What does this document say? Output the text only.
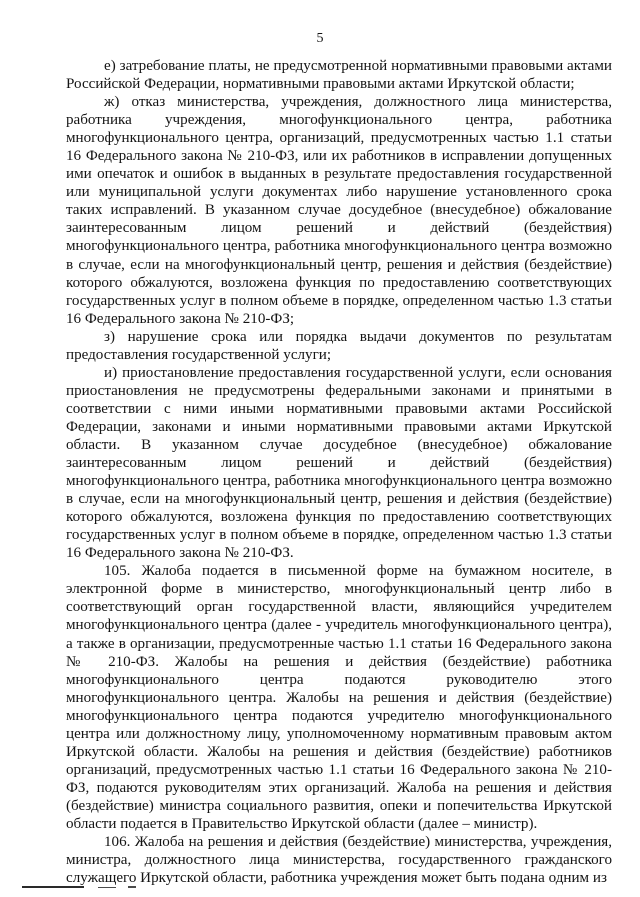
5

е) затребование платы, не предусмотренной нормативными правовыми актами Российской Федерации, нормативными правовыми актами Иркутской области;

ж) отказ министерства, учреждения, должностного лица министерства, работника учреждения, многофункционального центра, работника многофункционального центра, организаций, предусмотренных частью 1.1 статьи 16 Федерального закона № 210-ФЗ, или их работников в исправлении допущенных ими опечаток и ошибок в выданных в результате предоставления государственной или муниципальной услуги документах либо нарушение установленного срока таких исправлений. В указанном случае досудебное (внесудебное) обжалование заинтересованным лицом решений и действий (бездействия) многофункционального центра, работника многофункционального центра возможно в случае, если на многофункциональный центр, решения и действия (бездействие) которого обжалуются, возложена функция по предоставлению соответствующих государственных услуг в полном объеме в порядке, определенном частью 1.3 статьи 16 Федерального закона № 210-ФЗ;

з) нарушение срока или порядка выдачи документов по результатам предоставления государственной услуги;

и) приостановление предоставления государственной услуги, если основания приостановления не предусмотрены федеральными законами и принятыми в соответствии с ними иными нормативными правовыми актами Российской Федерации, законами и иными нормативными правовыми актами Иркутской области. В указанном случае досудебное (внесудебное) обжалование заинтересованным лицом решений и действий (бездействия) многофункционального центра, работника многофункционального центра возможно в случае, если на многофункциональный центр, решения и действия (бездействие) которого обжалуются, возложена функция по предоставлению соответствующих государственных услуг в полном объеме в порядке, определенном частью 1.3 статьи 16 Федерального закона № 210-ФЗ.

105. Жалоба подается в письменной форме на бумажном носителе, в электронной форме в министерство, многофункциональный центр либо в соответствующий орган государственной власти, являющийся учредителем многофункционального центра (далее - учредитель многофункционального центра), а также в организации, предусмотренные частью 1.1 статьи 16 Федерального закона № 210-ФЗ. Жалобы на решения и действия (бездействие) работника многофункционального центра подаются руководителю этого многофункционального центра. Жалобы на решения и действия (бездействие) многофункционального центра подаются учредителю многофункционального центра или должностному лицу, уполномоченному нормативным правовым актом Иркутской области. Жалобы на решения и действия (бездействие) работников организаций, предусмотренных частью 1.1 статьи 16 Федерального закона № 210-ФЗ, подаются руководителям этих организаций. Жалоба на решения и действия (бездействие) министра социального развития, опеки и попечительства Иркутской области подается в Правительство Иркутской области (далее – министр).

106. Жалоба на решения и действия (бездействие) министерства, учреждения, министра, должностного лица министерства, государственного гражданского служащего Иркутской области, работника учреждения может быть подана одним из
